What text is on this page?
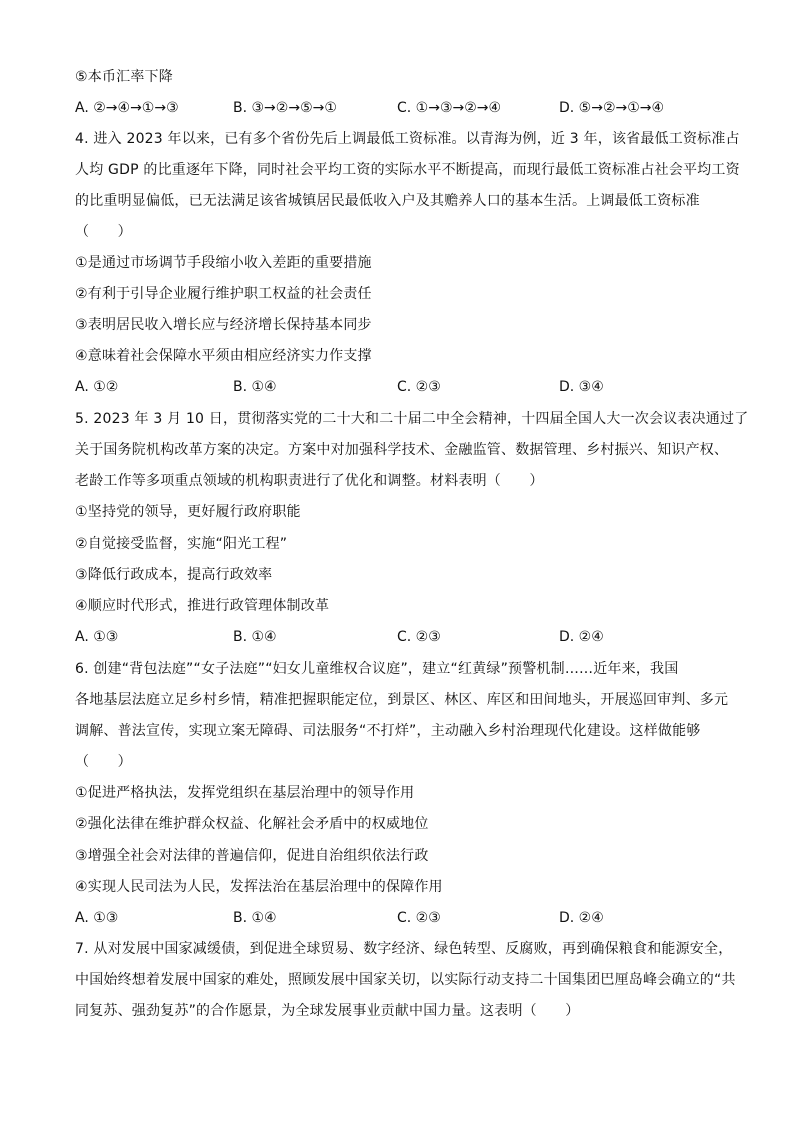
⑤本币汇率下降
A. ②→④→①→③	B. ③→②→⑤→①	C. ①→③→②→④	D. ⑤→②→①→④
4. 进入 2023 年以来，已有多个省份先后上调最低工资标准。以青海为例，近 3 年，该省最低工资标准占
人均 GDP 的比重逐年下降，同时社会平均工资的实际水平不断提高，而现行最低工资标准占社会平均工资
的比重明显偏低，已无法满足该省城镇居民最低收入户及其赡养人口的基本生活。上调最低工资标准
（　　）
①是通过市场调节手段缩小收入差距的重要措施
②有利于引导企业履行维护职工权益的社会责任
③表明居民收入增长应与经济增长保持基本同步
④意味着社会保障水平须由相应经济实力作支撑
A. ①②	B. ①④	C. ②③	D. ③④
5. 2023 年 3 月 10 日，贯彻落实党的二十大和二十届二中全会精神，十四届全国人大一次会议表决通过了
关于国务院机构改革方案的决定。方案中对加强科学技术、金融监管、数据管理、乡村振兴、知识产权、
老龄工作等多项重点领域的机构职责进行了优化和调整。材料表明（　　）
①坚持党的领导，更好履行政府职能
②自觉接受监督，实施“阳光工程”
③降低行政成本，提高行政效率
④顺应时代形式，推进行政管理体制改革
A. ①③	B. ①④	C. ②③	D. ②④
6. 创建“背包法庭”“女子法庭”“妇女儿童维权合议庭”，建立“红黄绿”预警机制……近年来，我国
各地基层法庭立足乡村乡情，精准把握职能定位，到景区、林区、库区和田间地头，开展巡回审判、多元
调解、普法宣传，实现立案无障碍、司法服务“不打烊”，主动融入乡村治理现代化建设。这样做能够
（　　）
①促进严格执法，发挥党组织在基层治理中的领导作用
②强化法律在维护群众权益、化解社会矛盾中的权威地位
③增强全社会对法律的普遍信仰，促进自治组织依法行政
④实现人民司法为人民，发挥法治在基层治理中的保障作用
A. ①③	B. ①④	C. ②③	D. ②④
7. 从对发展中国家减缓债，到促进全球贸易、数字经济、绿色转型、反腐败，再到确保粮食和能源安全，
中国始终想着发展中国家的难处，照顾发展中国家关切，以实际行动支持二十国集团巴厘岛峰会确立的“共
同复苏、强劲复苏”的合作愿景，为全球发展事业贡献中国力量。这表明（　　）
